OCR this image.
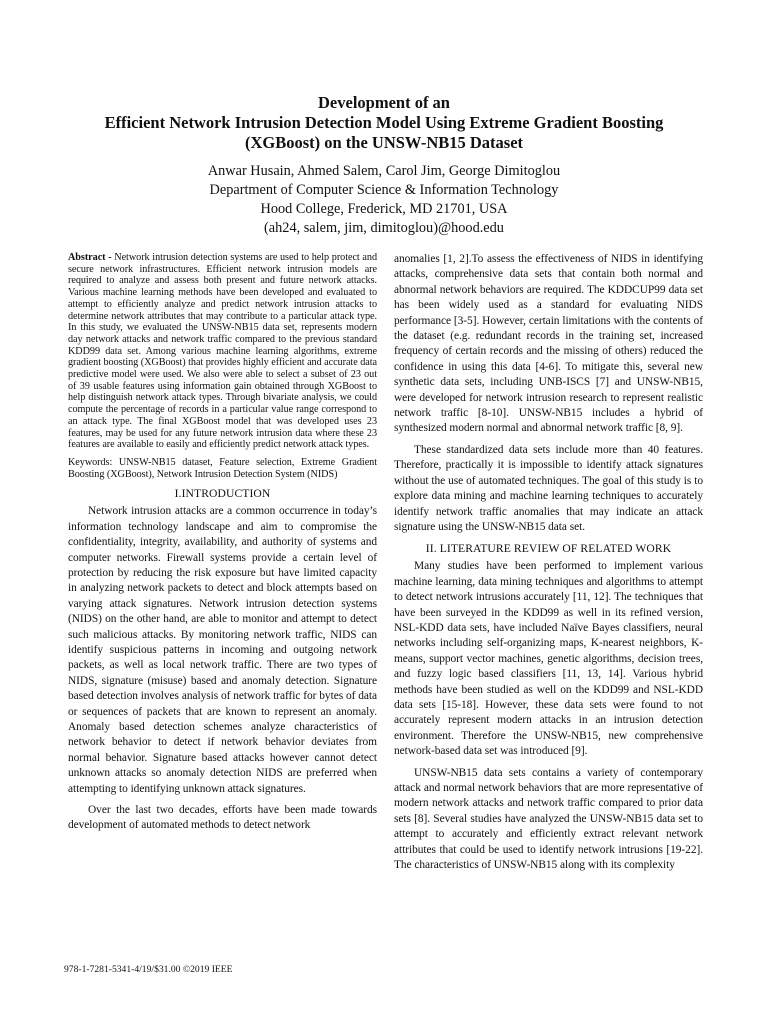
Development of an
Efficient Network Intrusion Detection Model Using Extreme Gradient Boosting
(XGBoost) on the UNSW-NB15 Dataset
Anwar Husain, Ahmed Salem, Carol Jim, George Dimitoglou
Department of Computer Science & Information Technology
Hood College, Frederick, MD 21701, USA
(ah24, salem, jim, dimitoglou)@hood.edu

Abstract - Network intrusion detection systems are used to help protect and secure network infrastructures. Efficient network intrusion models are required to analyze and assess both present and future network attacks. Various machine learning methods have been developed and evaluated to attempt to efficiently analyze and predict network intrusion attacks to determine network attributes that may contribute to a particular attack type. In this study, we evaluated the UNSW-NB15 data set, represents modern day network attacks and network traffic compared to the previous standard KDD99 data set. Among various machine learning algorithms, extreme gradient boosting (XGBoost) that provides highly efficient and accurate data predictive model were used. We also were able to select a subset of 23 out of 39 usable features using information gain obtained through XGBoost to help distinguish network attack types. Through bivariate analysis, we could compute the percentage of records in a particular value range correspond to an attack type. The final XGBoost model that was developed uses 23 features, may be used for any future network intrusion data where these 23 features are available to easily and efficiently predict network attack types.

Keywords: UNSW-NB15 dataset, Feature selection, Extreme Gradient Boosting (XGBoost), Network Intrusion Detection System (NIDS)

I.INTRODUCTION

Network intrusion attacks are a common occurrence in today’s information technology landscape and aim to compromise the confidentiality, integrity, availability, and authority of systems and computer networks. Firewall systems provide a certain level of protection by reducing the risk exposure but have limited capacity in analyzing network packets to detect and block attempts based on varying attack signatures. Network intrusion detection systems (NIDS) on the other hand, are able to monitor and attempt to detect such malicious attacks. By monitoring network traffic, NIDS can identify suspicious patterns in incoming and outgoing network packets, as well as local network traffic. There are two types of NIDS, signature (misuse) based and anomaly detection. Signature based detection involves analysis of network traffic for bytes of data or sequences of packets that are known to represent an anomaly. Anomaly based detection schemes analyze characteristics of network behavior to detect if network behavior deviates from normal behavior. Signature based attacks however cannot detect unknown attacks so anomaly detection NIDS are preferred when attempting to identifying unknown attack signatures.

Over the last two decades, efforts have been made towards development of automated methods to detect network

anomalies [1, 2].To assess the effectiveness of NIDS in identifying attacks, comprehensive data sets that contain both normal and abnormal network behaviors are required. The KDDCUP99 data set has been widely used as a standard for evaluating NIDS performance [3-5]. However, certain limitations with the contents of the dataset (e.g. redundant records in the training set, increased frequency of certain records and the missing of others) reduced the confidence in using this data [4-6]. To mitigate this, several new synthetic data sets, including UNB-ISCS [7] and UNSW-NB15, were developed for network intrusion research to represent realistic network traffic [8-10]. UNSW-NB15 includes a hybrid of synthesized modern normal and abnormal network traffic [8, 9].

These standardized data sets include more than 40 features. Therefore, practically it is impossible to identify attack signatures without the use of automated techniques. The goal of this study is to explore data mining and machine learning techniques to accurately identify network traffic anomalies that may indicate an attack signature using the UNSW-NB15 data set.

II. LITERATURE REVIEW OF RELATED WORK

Many studies have been performed to implement various machine learning, data mining techniques and algorithms to attempt to detect network intrusions accurately [11, 12]. The techniques that have been surveyed in the KDD99 as well in its refined version, NSL-KDD data sets, have included Naïve Bayes classifiers, neural networks including self-organizing maps, K-nearest neighbors, K-means, support vector machines, genetic algorithms, decision trees, and fuzzy logic based classifiers [11, 13, 14]. Various hybrid methods have been studied as well on the KDD99 and NSL-KDD data sets [15-18]. However, these data sets were found to not accurately represent modern attacks in an intrusion detection environment. Therefore the UNSW-NB15, new comprehensive network-based data set was introduced [9].

UNSW-NB15 data sets contains a variety of contemporary attack and normal network behaviors that are more representative of modern network attacks and network traffic compared to prior data sets [8]. Several studies have analyzed the UNSW-NB15 data set to attempt to accurately and efficiently extract relevant network attributes that could be used to identify network intrusions [19-22]. The characteristics of UNSW-NB15 along with its complexity

978-1-7281-5341-4/19/$31.00 ©2019 IEEE
